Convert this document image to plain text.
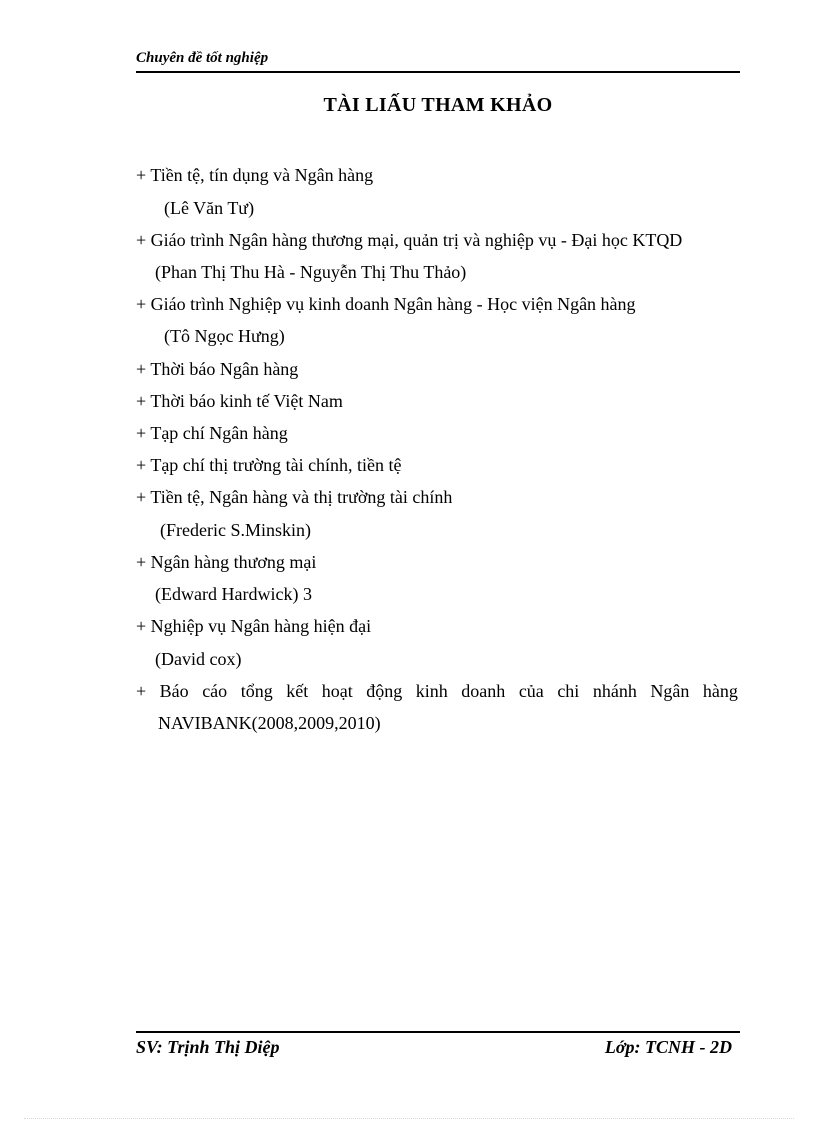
Chuyên đề tốt nghiệp
TÀI LIẤU THAM KHẢO
+ Tiền tệ, tín dụng và Ngân hàng
(Lê Văn Tư)
+ Giáo trình Ngân hàng thương mại, quản trị và nghiệp vụ - Đại học KTQD
(Phan Thị Thu Hà - Nguyễn Thị Thu Thảo)
+ Giáo trình Nghiệp vụ kinh doanh Ngân hàng - Học viện Ngân hàng
(Tô Ngọc Hưng)
+ Thời báo Ngân hàng
+ Thời báo kinh tế Việt Nam
+ Tạp chí Ngân hàng
+ Tạp chí thị trường tài chính, tiền tệ
+ Tiền tệ, Ngân hàng và thị trường tài chính
(Frederic S.Minskin)
+ Ngân hàng thương mại
(Edward Hardwick) 3
+ Nghiệp vụ Ngân hàng hiện đại
(David cox)
+ Báo cáo tổng kết hoạt động kinh doanh của chi nhánh Ngân hàng
NAVIBANK(2008,2009,2010)
SV: Trịnh Thị Diệp	Lớp: TCNH - 2D
